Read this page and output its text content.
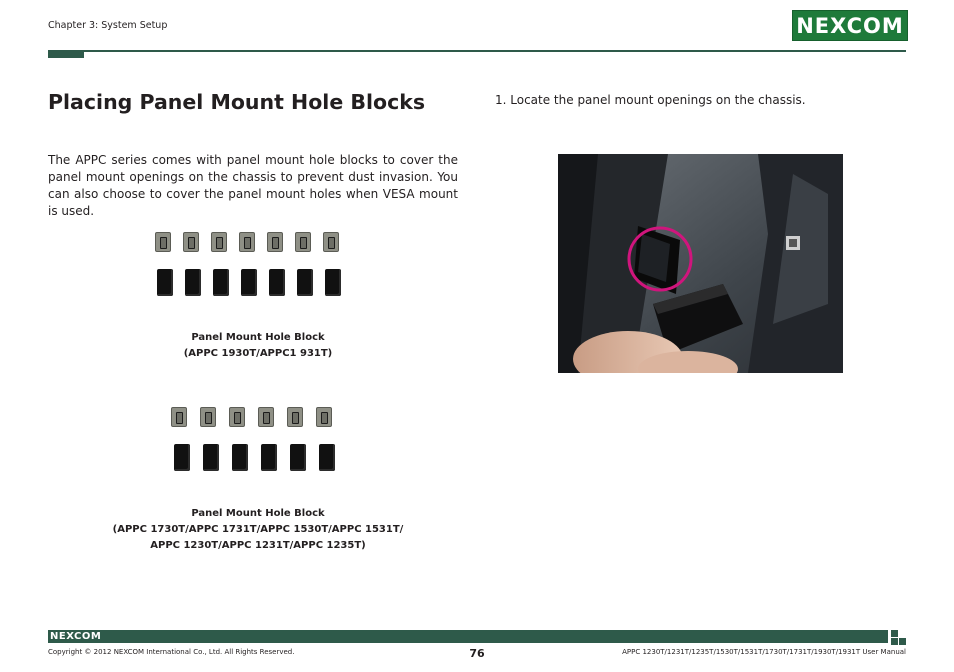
Chapter 3: System Setup	NEXCOM
Placing Panel Mount Hole Blocks
The APPC series comes with panel mount hole blocks to cover the panel mount openings on the chassis to prevent dust invasion. You can also choose to cover the panel mount holes when VESA mount is used.
Panel Mount Hole Block
(APPC 1930T/APPC1 931T)
Panel Mount Hole Block
(APPC 1730T/APPC 1731T/APPC 1530T/APPC 1531T/
APPC 1230T/APPC 1231T/APPC 1235T)
1. Locate the panel mount openings on the chassis.
NEXCOM
Copyright © 2012 NEXCOM International Co., Ltd. All Rights Reserved.	76	APPC 1230T/1231T/1235T/1530T/1531T/1730T/1731T/1930T/1931T User Manual
